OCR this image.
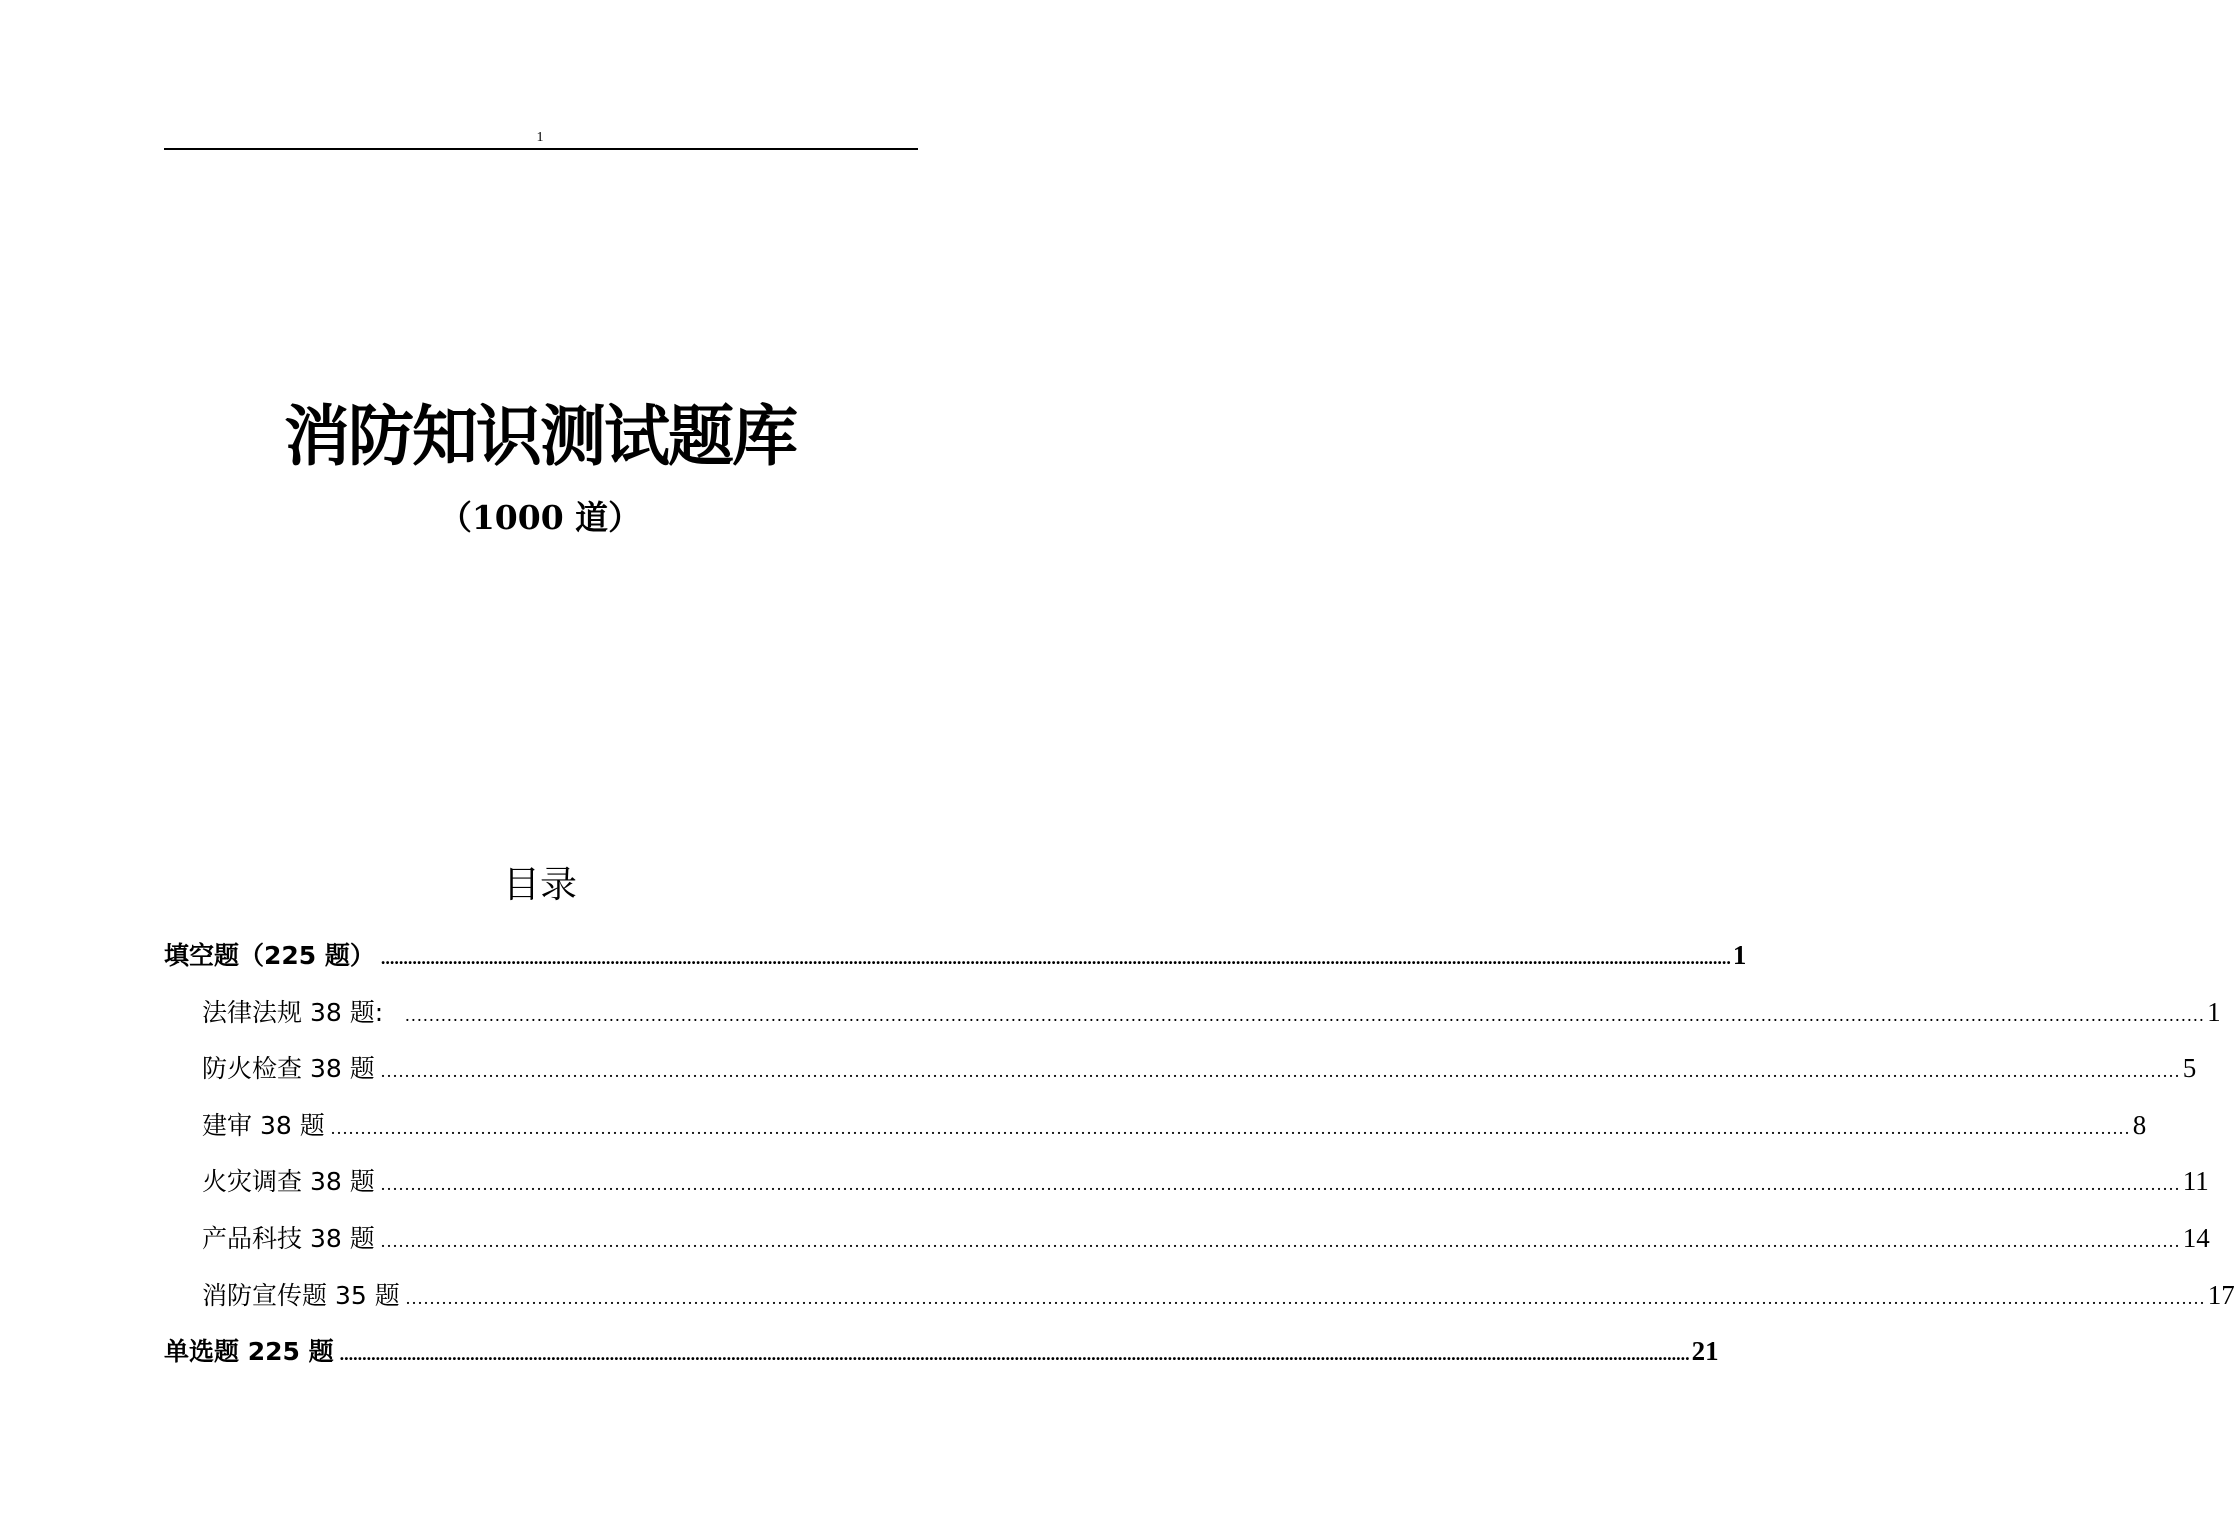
1
消防知识测试题库
（1000 道）
目录
填空题（225 题） ............................................................................................................................................................................................................................................................................................................ 1
法律法规 38 题: ............................................................................................................................................................................................................................................................................................................ 1
防火检查 38 题 ............................................................................................................................................................................................................................................................................................................ 5
建审 38 题 ............................................................................................................................................................................................................................................................................................................ 8
火灾调查 38 题 ............................................................................................................................................................................................................................................................................................................ 11
产品科技 38 题 ............................................................................................................................................................................................................................................................................................................ 14
消防宣传题 35 题 ............................................................................................................................................................................................................................................................................................................ 17
单选题 225 题 ............................................................................................................................................................................................................................................................................................................ 21
